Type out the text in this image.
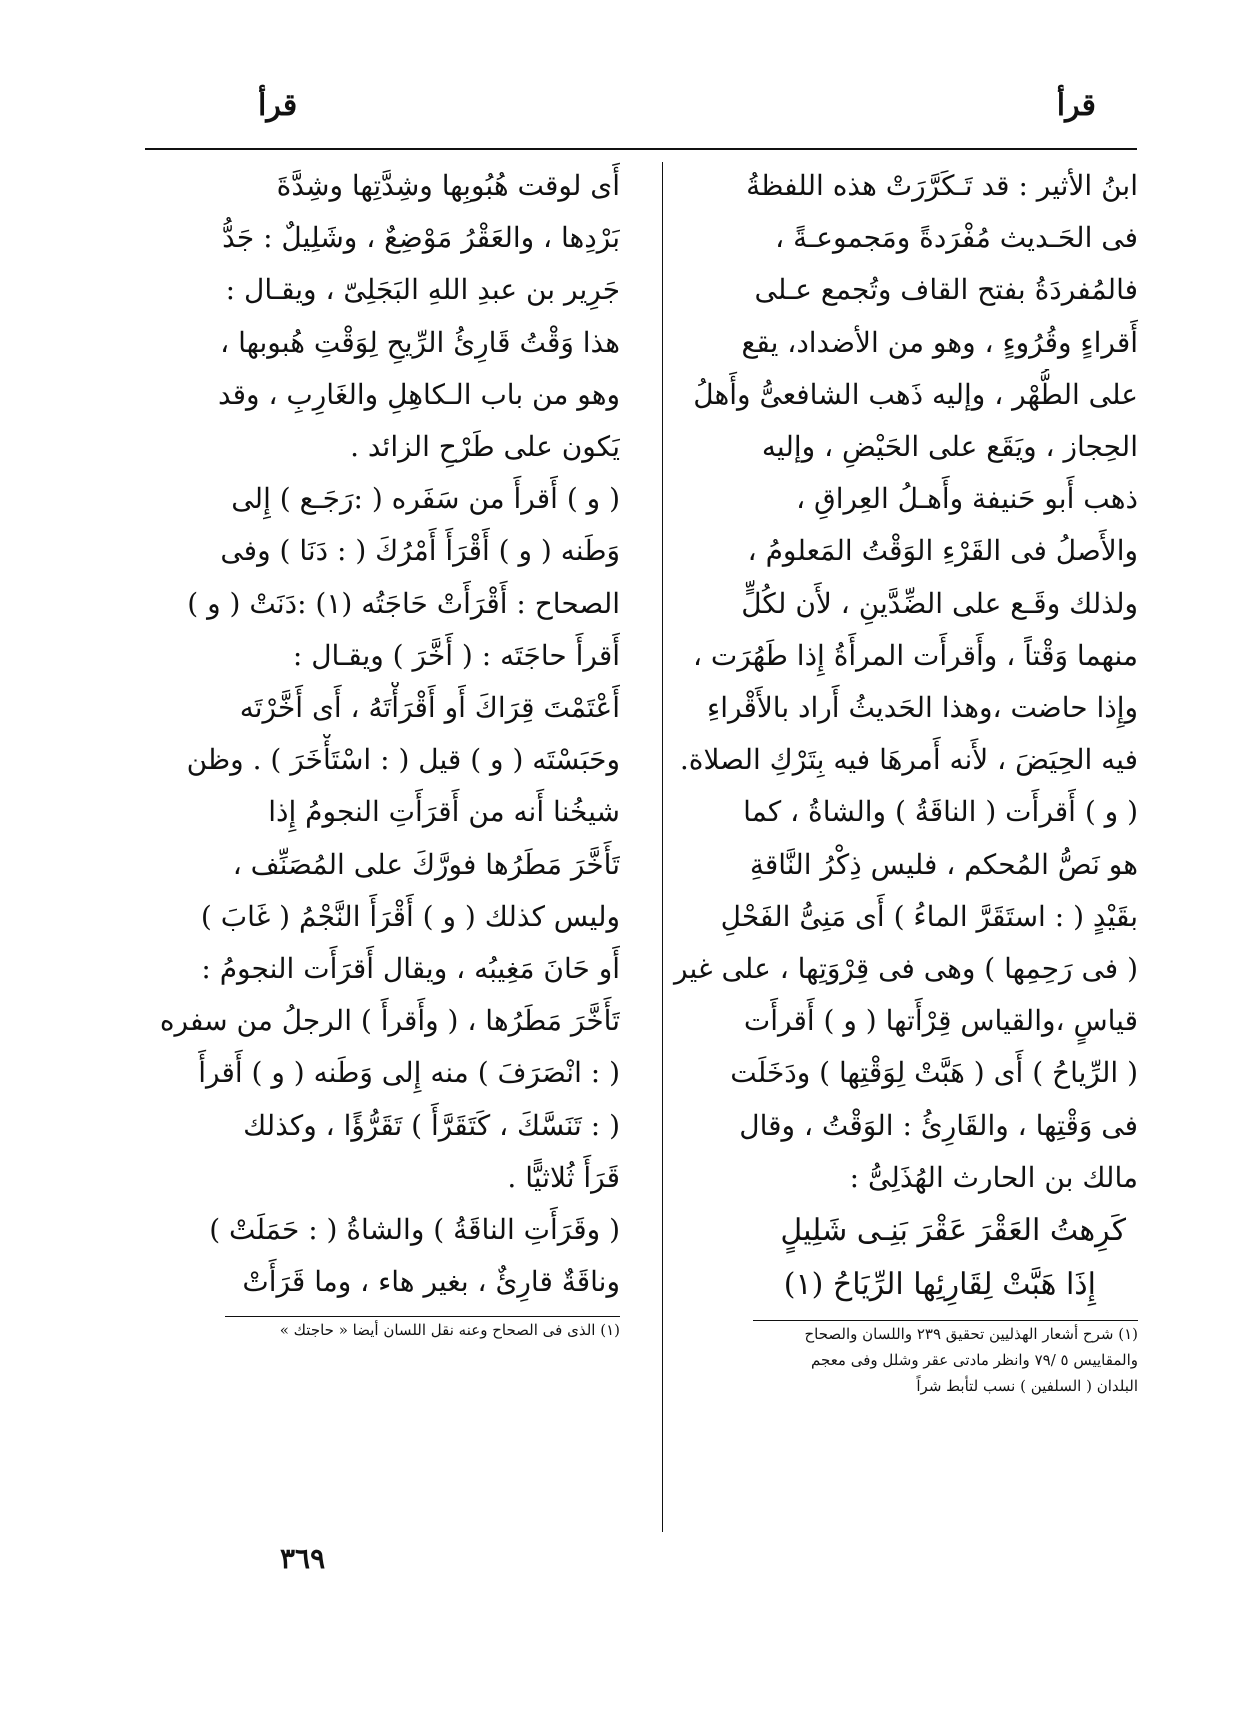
قرأ
قرأ
ابنُ الأثير : قد تَـكَرَّرَتْ هذه اللفظةُ
فى الحَـديث مُفْرَدةً ومَجموعـةً ،
فالمُفردَةُ بفتح القاف وتُجمع عـلى
أَقراءٍ وقُرُوءٍ ، وهو من الأضداد، يقع
على الطُّهْر ، وإليه ذَهب الشافعىُّ وأَهلُ
الحِجاز ، ويَقَع على الحَيْضِ ، وإليه
ذهب أَبو حَنيفة وأَهـلُ العِراقِ ،
والأَصلُ فى القَرْءِ الوَقْتُ المَعلومُ ،
ولذلك وقَـع على الضِّدَّينِ ، لأَن لكُلٍّ
منهما وَقْتاً ، وأَقرأَت المرأَةُ إِذا طَهُرَت ،
وإِذا حاضت ،وهذا الحَديثُ أَراد بالأَقْراءِ
فيه الحِيَضَ ، لأَنه أَمرهَا فيه بِتَرْكِ الصلاة.
( و ) أَقرأَت ( الناقَةُ ) والشاةُ ، كما
هو نَصُّ المُحكم ، فليس ذِكْرُ النَّاقةِ
بقَيْدٍ ( : استَقَرَّ الماءُ ) أَى مَنِىُّ الفَحْلِ
( فى رَحِمِها ) وهى فى قِرْوَتِها ، على غير
قياسٍ ،والقياس قِرْأَتها ( و ) أَقرأَت
( الرِّياحُ ) أَى ( هَبَّتْ لِوَقْتِها ) ودَخَلَت
فى وَقْتِها ، والقَارِئُ : الوَقْتُ ، وقال
مالك بن الحارث الهُذَلِىُّ :
كَرِهتُ العَقْرَ عَقْرَ بَنِـى شَلِيلٍ
إِذَا هَبَّتْ لِقَارِئِها الرِّيَاحُ (١)
(١) شرح أشعار الهذليين تحقيق ٢٣٩ واللسان والصحاح
والمقاييس ٥ /٧٩ وانظر مادتى عقر وشلل وفى معجم
البلدان ( السلفين ) نسب لتأبط شراً
أَى لوقت هُبُوبِها وشِدَّتِها وشِدَّةَ
بَرْدِها ، والعَقْرُ مَوْضِعٌ ، وشَلِيلٌ : جَدُّ
جَرِير بن عبدِ اللهِ البَجَلِىّ ، ويقـال :
هذا وَقْتُ قَارِئُ الرِّيحِ لِوَقْتِ هُبوبها ،
وهو من باب الـكاهِلِ والغَارِبِ ، وقد
يَكون على طَرْحِ الزائد .
( و ) أَقرأَ من سَفَره ( :رَجَـع ) إِلى
وَطَنه ( و ) أَقْرَأَ أَمْرُكَ ( : دَنَا ) وفى
الصحاح : أَقْرَأَتْ حَاجَتُه (١) :دَنَتْ ( و )
أَقرأَ حاجَتَه : ( أَخَّرَ ) ويقـال :
أَعْتَمْتَ قِرَاكَ أَو أَقْرَأْتَهُ ، أَى أَخَّرْتَه
وحَبَسْتَه ( و ) قيل ( : اسْتَأْخَرَ ) . وظن
شيخُنا أَنه من أَقرَأَتِ النجومُ إِذا
تَأَخَّرَ مَطَرُها فورَّكَ على المُصَنِّف ،
وليس كذلك ( و ) أَقْرَأَ النَّجْمُ ( غَابَ )
أَو حَانَ مَغِيبُه ، ويقال أَقرَأَت النجومُ :
تَأَخَّرَ مَطَرُها ، ( وأَقرأَ ) الرجلُ من سفره
( : انْصَرَفَ ) منه إِلى وَطَنه ( و ) أَقرأَ
( : تَنَسَّكَ ، كَتَقَرَّأَ ) تَقَرُّؤًا ، وكذلك
قَرَأَ ثُلاثيًّا .
( وقَرَأَتِ الناقَةُ ) والشاةُ ( : حَمَلَتْ )
وناقَةٌ قارِئٌ ، بغير هاء ، وما قَرَأَتْ
(١) الذى فى الصحاح وعنه نقل اللسان أيضا « حاجتك »
٣٦٩
